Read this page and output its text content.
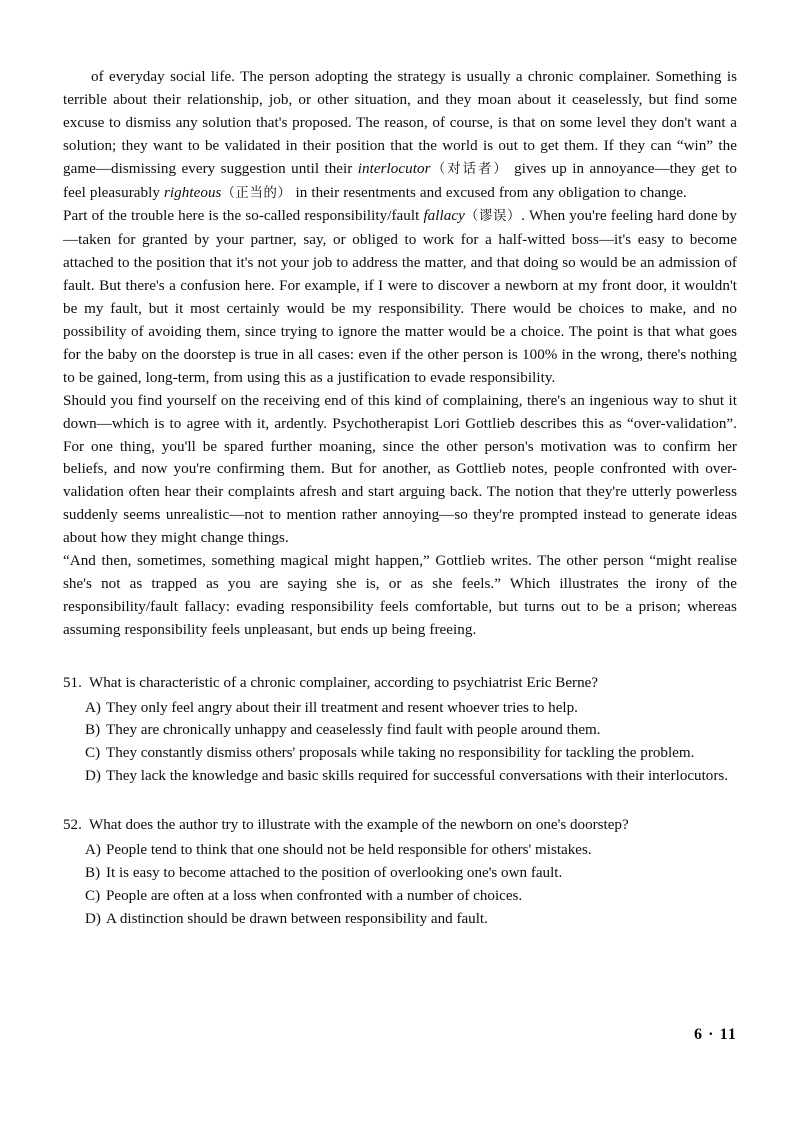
of everyday social life. The person adopting the strategy is usually a chronic complainer. Something is terrible about their relationship, job, or other situation, and they moan about it ceaselessly, but find some excuse to dismiss any solution that's proposed. The reason, of course, is that on some level they don't want a solution; they want to be validated in their position that the world is out to get them. If they can “win” the game—dismissing every suggestion until their interlocutor（对话者） gives up in annoyance—they get to feel pleasurably righteous（正当的） in their resentments and excused from any obligation to change.

Part of the trouble here is the so-called responsibility/fault fallacy（谬误）. When you're feeling hard done by—taken for granted by your partner, say, or obliged to work for a half-witted boss—it's easy to become attached to the position that it's not your job to address the matter, and that doing so would be an admission of fault. But there's a confusion here. For example, if I were to discover a newborn at my front door, it wouldn't be my fault, but it most certainly would be my responsibility. There would be choices to make, and no possibility of avoiding them, since trying to ignore the matter would be a choice. The point is that what goes for the baby on the doorstep is true in all cases: even if the other person is 100% in the wrong, there's nothing to be gained, long-term, from using this as a justification to evade responsibility.

Should you find yourself on the receiving end of this kind of complaining, there's an ingenious way to shut it down—which is to agree with it, ardently. Psychotherapist Lori Gottlieb describes this as “over-validation”. For one thing, you'll be spared further moaning, since the other person's motivation was to confirm her beliefs, and now you're confirming them. But for another, as Gottlieb notes, people confronted with over-validation often hear their complaints afresh and start arguing back. The notion that they're utterly powerless suddenly seems unrealistic—not to mention rather annoying—so they're prompted instead to generate ideas about how they might change things.

“And then, sometimes, something magical might happen,” Gottlieb writes. The other person “might realise she's not as trapped as you are saying she is, or as she feels.” Which illustrates the irony of the responsibility/fault fallacy: evading responsibility feels comfortable, but turns out to be a prison; whereas assuming responsibility feels unpleasant, but ends up being freeing.

51. What is characteristic of a chronic complainer, according to psychiatrist Eric Berne?
A) They only feel angry about their ill treatment and resent whoever tries to help.
B) They are chronically unhappy and ceaselessly find fault with people around them.
C) They constantly dismiss others' proposals while taking no responsibility for tackling the problem.
D) They lack the knowledge and basic skills required for successful conversations with their interlocutors.
52. What does the author try to illustrate with the example of the newborn on one's doorstep?
A) People tend to think that one should not be held responsible for others' mistakes.
B) It is easy to become attached to the position of overlooking one's own fault.
C) People are often at a loss when confronted with a number of choices.
D) A distinction should be drawn between responsibility and fault.
6 · 11
